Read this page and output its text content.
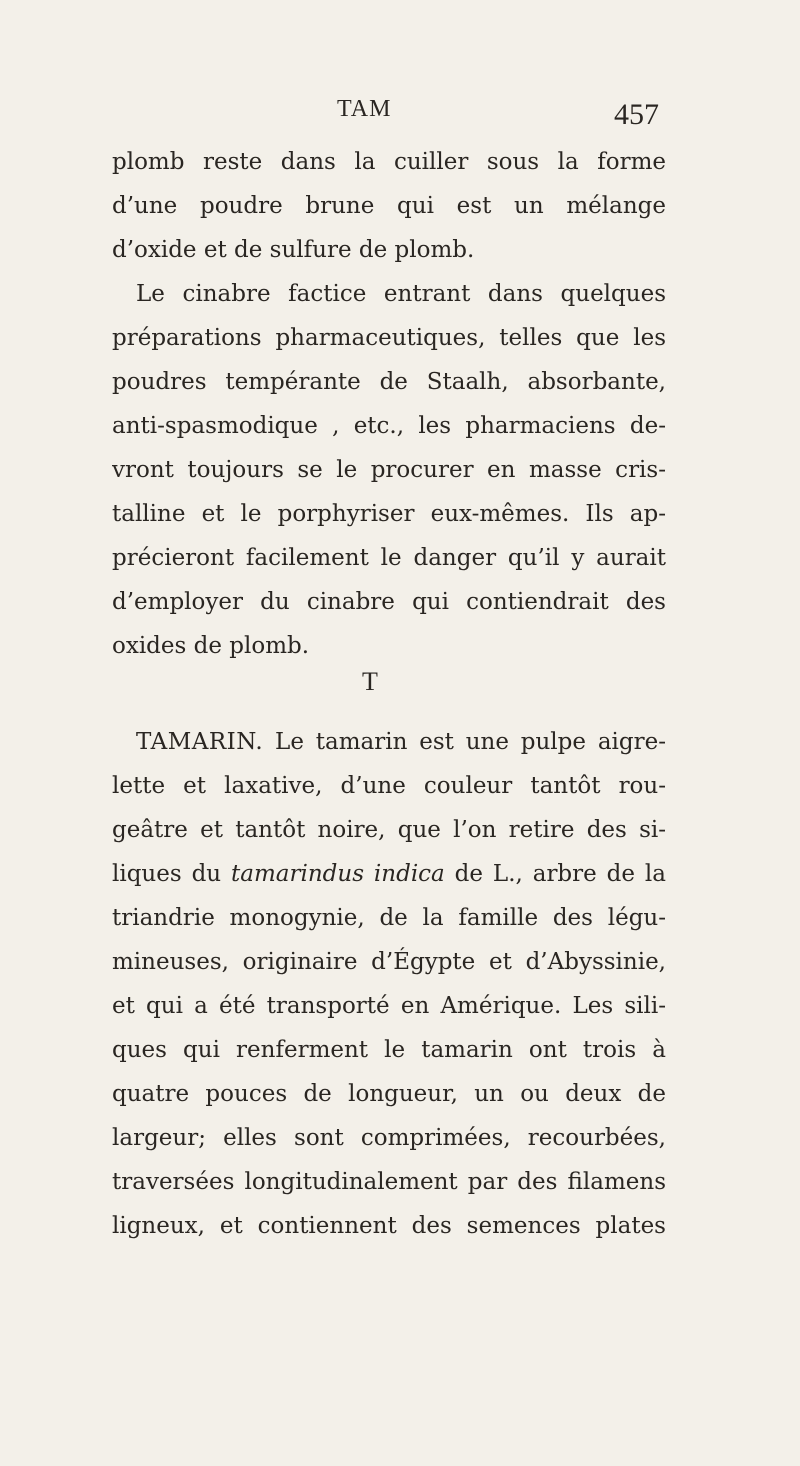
TAM	457
plomb reste dans la cuiller sous la forme
d’une poudre brune qui est un mélange
d’oxide et de sulfure de plomb.
Le cinabre factice entrant dans quelques
préparations pharmaceutiques, telles que les
poudres tempérante de Staalh, absorbante,
anti-spasmodique , etc., les pharmaciens de-
vront toujours se le procurer en masse cris-
talline et le porphyriser eux-mêmes. Ils ap-
précieront facilement le danger qu’il y aurait
d’employer du cinabre qui contiendrait des
oxides de plomb.
T
TAMARIN. Le tamarin est une pulpe aigre-
lette et laxative, d’une couleur tantôt rou-
geâtre et tantôt noire, que l’on retire des si-
liques du tamarindus indica de L., arbre de la
triandrie monogynie, de la famille des légu-
mineuses, originaire d’Égypte et d’Abyssinie,
et qui a été transporté en Amérique. Les sili-
ques qui renferment le tamarin ont trois à
quatre pouces de longueur, un ou deux de
largeur; elles sont comprimées, recourbées,
traversées longitudinalement par des filamens
ligneux, et contiennent des semences plates
